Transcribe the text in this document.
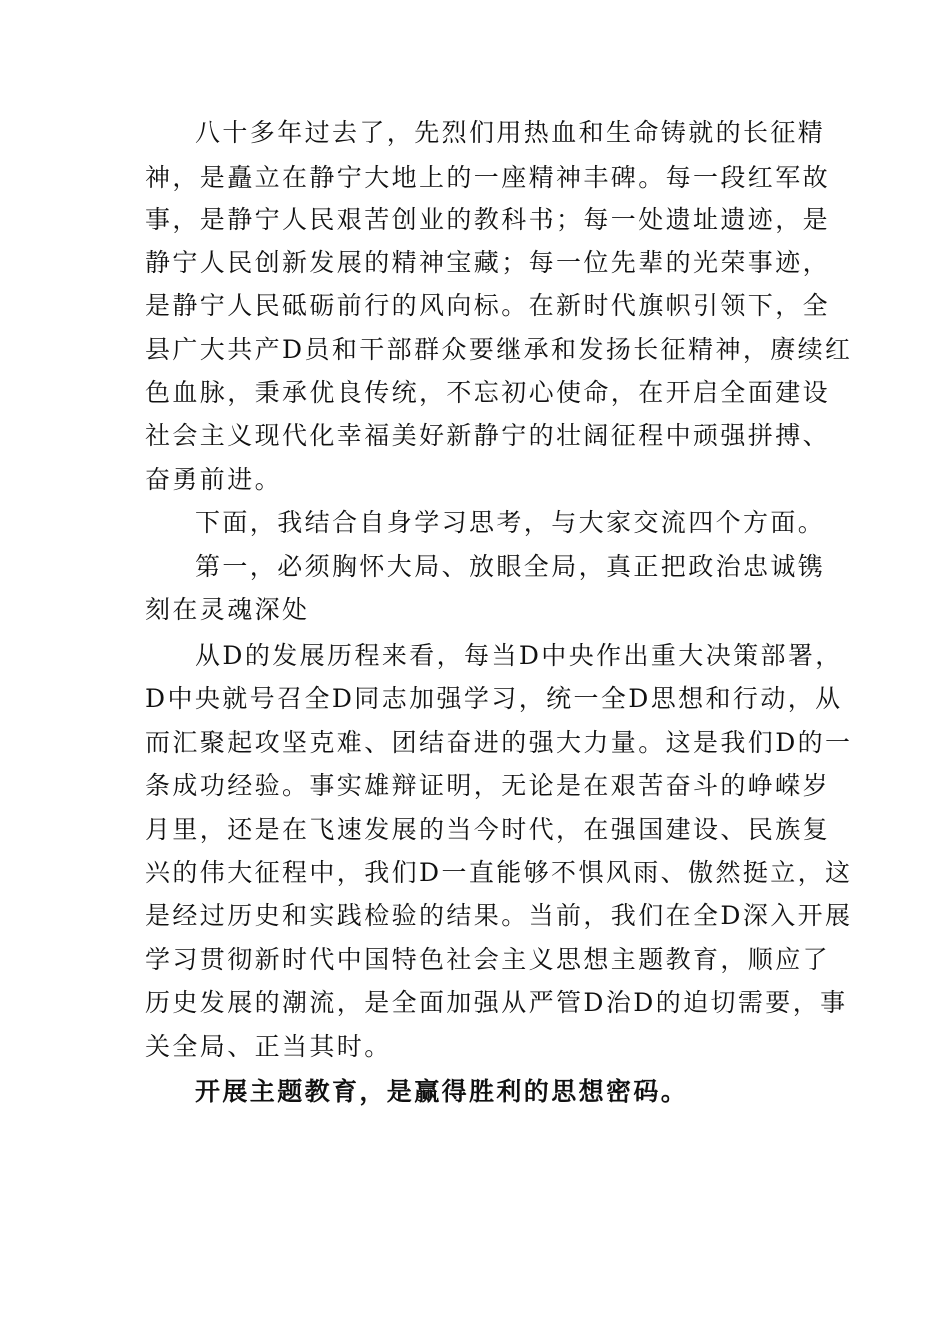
八十多年过去了，先烈们用热血和生命铸就的长征精
神，是矗立在静宁大地上的一座精神丰碑。每一段红军故
事，是静宁人民艰苦创业的教科书；每一处遗址遗迹，是
静宁人民创新发展的精神宝藏；每一位先辈的光荣事迹，
是静宁人民砥砺前行的风向标。在新时代旗帜引领下，全
县广大共产D员和干部群众要继承和发扬长征精神，赓续红
色血脉，秉承优良传统，不忘初心使命，在开启全面建设
社会主义现代化幸福美好新静宁的壮阔征程中顽强拼搏、
奋勇前进。
下面，我结合自身学习思考，与大家交流四个方面。
第一，必须胸怀大局、放眼全局，真正把政治忠诚镌
刻在灵魂深处
从D的发展历程来看，每当D中央作出重大决策部署，
D中央就号召全D同志加强学习，统一全D思想和行动，从
而汇聚起攻坚克难、团结奋进的强大力量。这是我们D的一
条成功经验。事实雄辩证明，无论是在艰苦奋斗的峥嵘岁
月里，还是在飞速发展的当今时代，在强国建设、民族复
兴的伟大征程中，我们D一直能够不惧风雨、傲然挺立，这
是经过历史和实践检验的结果。当前，我们在全D深入开展
学习贯彻新时代中国特色社会主义思想主题教育，顺应了
历史发展的潮流，是全面加强从严管D治D的迫切需要，事
关全局、正当其时。
开展主题教育，是赢得胜利的思想密码。
